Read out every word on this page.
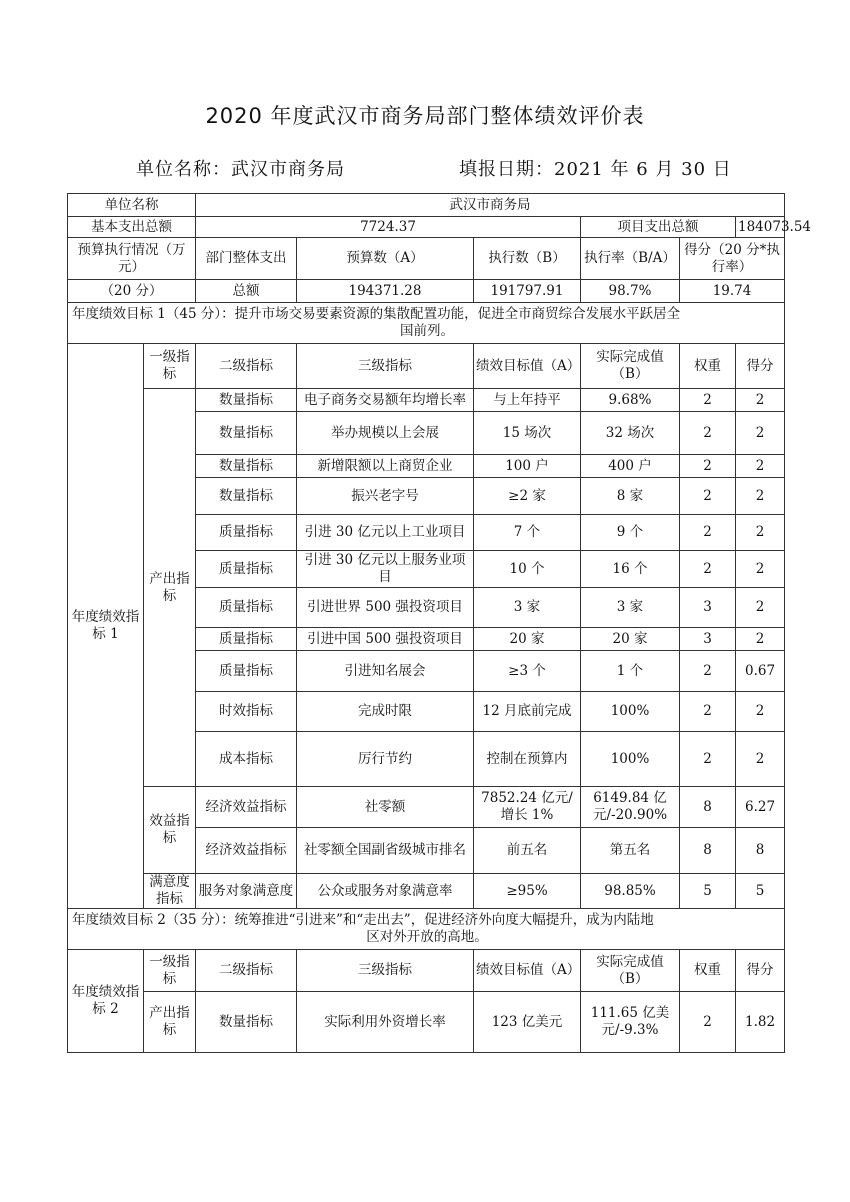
2020 年度武汉市商务局部门整体绩效评价表
单位名称：武汉市商务局	填报日期：2021 年 6 月 30 日
单位名称		武汉市商务局					
基本支出总额		7724.37			项目支出总额		184073.54
预算执行情况（万元）		部门整体支出	预算数（A）	执行数（B）	执行率（B/A）	得分（20 分*执行率）	
（20 分）		总额	194371.28	191797.91	98.7%	19.74	
年度绩效目标 1（45 分）：提升市场交易要素资源的集散配置功能，促进全市商贸综合发展水平跃居全
国前列。							

年度绩效指标 1	一级指标	二级指标	三级指标	绩效目标值（A）	实际完成值（B）	权重	得分
	产出指标	数量指标	电子商务交易额年均增长率	与上年持平	9.68%	2	2
		数量指标	举办规模以上会展	15 场次	32 场次	2	2
		数量指标	新增限额以上商贸企业	100 户	400 户	2	2
		数量指标	振兴老字号	≥2 家	8 家	2	2
		质量指标	引进 30 亿元以上工业项目	7 个	9 个	2	2
		质量指标	引进 30 亿元以上服务业项目	10 个	16 个	2	2
		质量指标	引进世界 500 强投资项目	3 家	3 家	3	2
		质量指标	引进中国 500 强投资项目	20 家	20 家	3	2
		质量指标	引进知名展会	≥3 个	1 个	2	0.67
		时效指标	完成时限	12 月底前完成	100%	2	2
		成本指标	厉行节约	控制在预算内	100%	2	2
	效益指标	经济效益指标	社零额	7852.24 亿元/增长 1%	6149.84 亿元/-20.90%	8	6.27
		经济效益指标	社零额全国副省级城市排名	前五名	第五名	8	8
	满意度指标	服务对象满意度	公众或服务对象满意率	≥95%	98.85%	5	5
年度绩效目标 2（35 分）：统筹推进“引进来”和“走出去”，促进经济外向度大幅提升，成为内陆地
区对外开放的高地。							

年度绩效指标 2	一级指标	二级指标	三级指标	绩效目标值（A）	实际完成值（B）	权重	得分
	产出指标	数量指标	实际利用外资增长率	123 亿美元	111.65 亿美元/-9.3%	2	1.82
